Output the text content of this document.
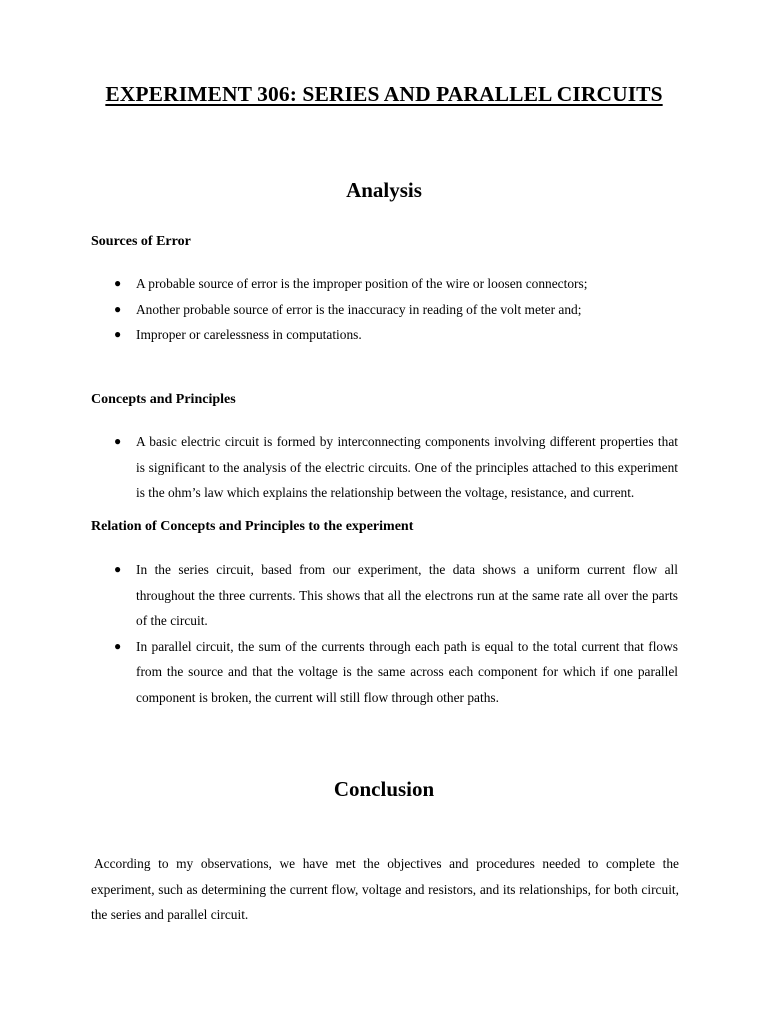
EXPERIMENT 306: SERIES AND PARALLEL CIRCUITS
Analysis
Sources of Error
● A probable source of error is the improper position of the wire or loosen connectors;
● Another probable source of error is the inaccuracy in reading of the volt meter and;
● Improper or carelessness in computations.
Concepts and Principles
● A basic electric circuit is formed by interconnecting components involving different properties that is significant to the analysis of the electric circuits. One of the principles attached to this experiment is the ohm’s law which explains the relationship between the voltage, resistance, and current.
Relation of Concepts and Principles to the experiment
● In the series circuit, based from our experiment, the data shows a uniform current flow all throughout the three currents. This shows that all the electrons run at the same rate all over the parts of the circuit.
● In parallel circuit, the sum of the currents through each path is equal to the total current that flows from the source and that the voltage is the same across each component for which if one parallel component is broken, the current will still flow through other paths.
Conclusion

According to my observations, we have met the objectives and procedures needed to complete the experiment, such as determining the current flow, voltage and resistors, and its relationships, for both circuit, the series and parallel circuit.
